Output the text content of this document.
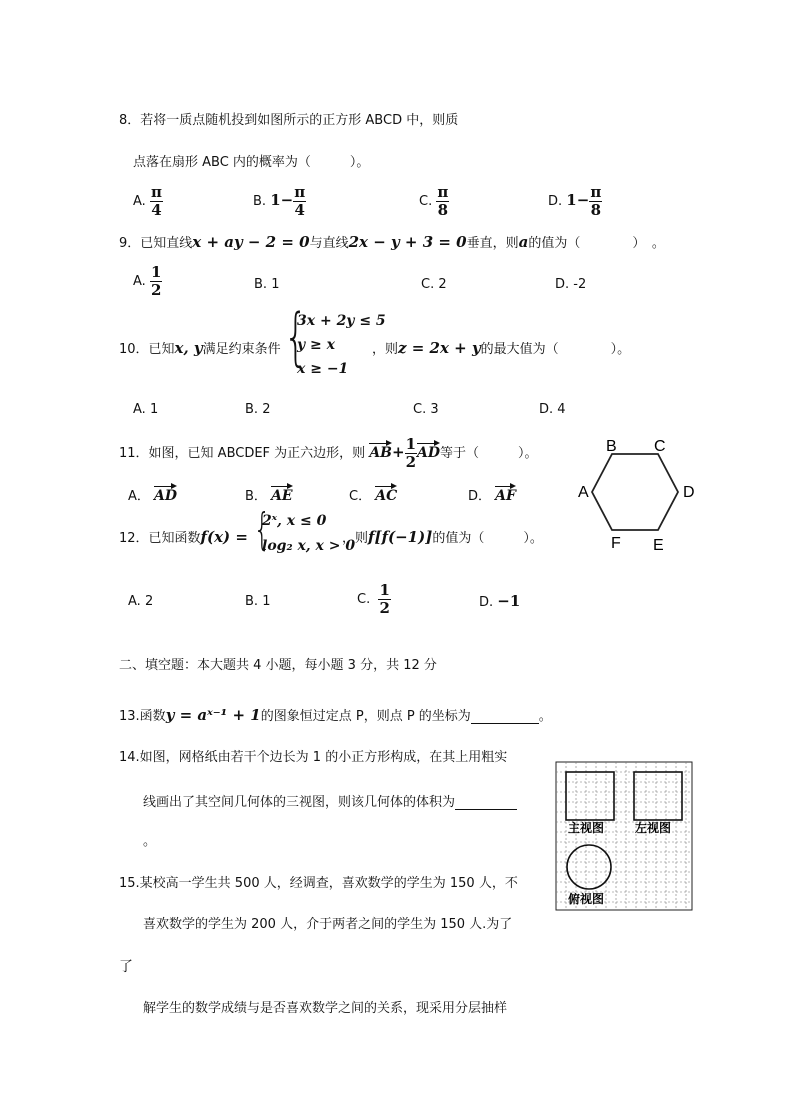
8．若将一质点随机投到如图所示的正方形 ABCD 中，则质
点落在扇形 ABC 内的概率为（　　　）。
A. $\frac{\pi}{4}$	B. $1- \frac{\pi}{4}$	C. $\frac{\pi}{8}$	D. $1- \frac{\pi}{8}$
9．已知直线x + ay − 2 = 0与直线2x − y + 3 = 0垂直，则a的值为（　　　　）　。
A. $\frac{1}{2}$	B. 1	C. 2	D. -2
10．已知x, y满足约束条件 {
3x + 2y ≤ 5
y ≥ x
x ≥ −1
，则z = 2x + y的最大值为（　　　　）。
A. 1	B. 2	C. 3	D. 4
11．如图，已知 ABCDEF 为正六边形，则 $AB+ \frac{1}{2}$ AD等于（　　　）。
A． AD	B． AE	C． AC	D． AF
B C
A	D
F E
12．已知函数f(x) = {
2ˣ, x ≤ 0
log₂ x, x > 0
，则f[f(−1)]的值为（　　　）。
A. 2	B. 1	C. $\frac{1}{2}$	D. −1
二、填空题：本大题共 4 小题，每小题 3 分，共 12 分
13.函数y = aˣ⁻¹ + 1的图象恒过定点 P，则点 P 的坐标为	。
14.如图，网格纸由若干个边长为 1 的小正方形构成，在其上用粗实
线画出了其空间几何体的三视图，则该几何体的体积为
。
主视图	左视图
俯视图
15.某校高一学生共 500 人，经调查，喜欢数学的学生为 150 人，不
喜欢数学的学生为 200 人，介于两者之间的学生为 150 人.为了
了
解学生的数学成绩与是否喜欢数学之间的关系，现采用分层抽样
